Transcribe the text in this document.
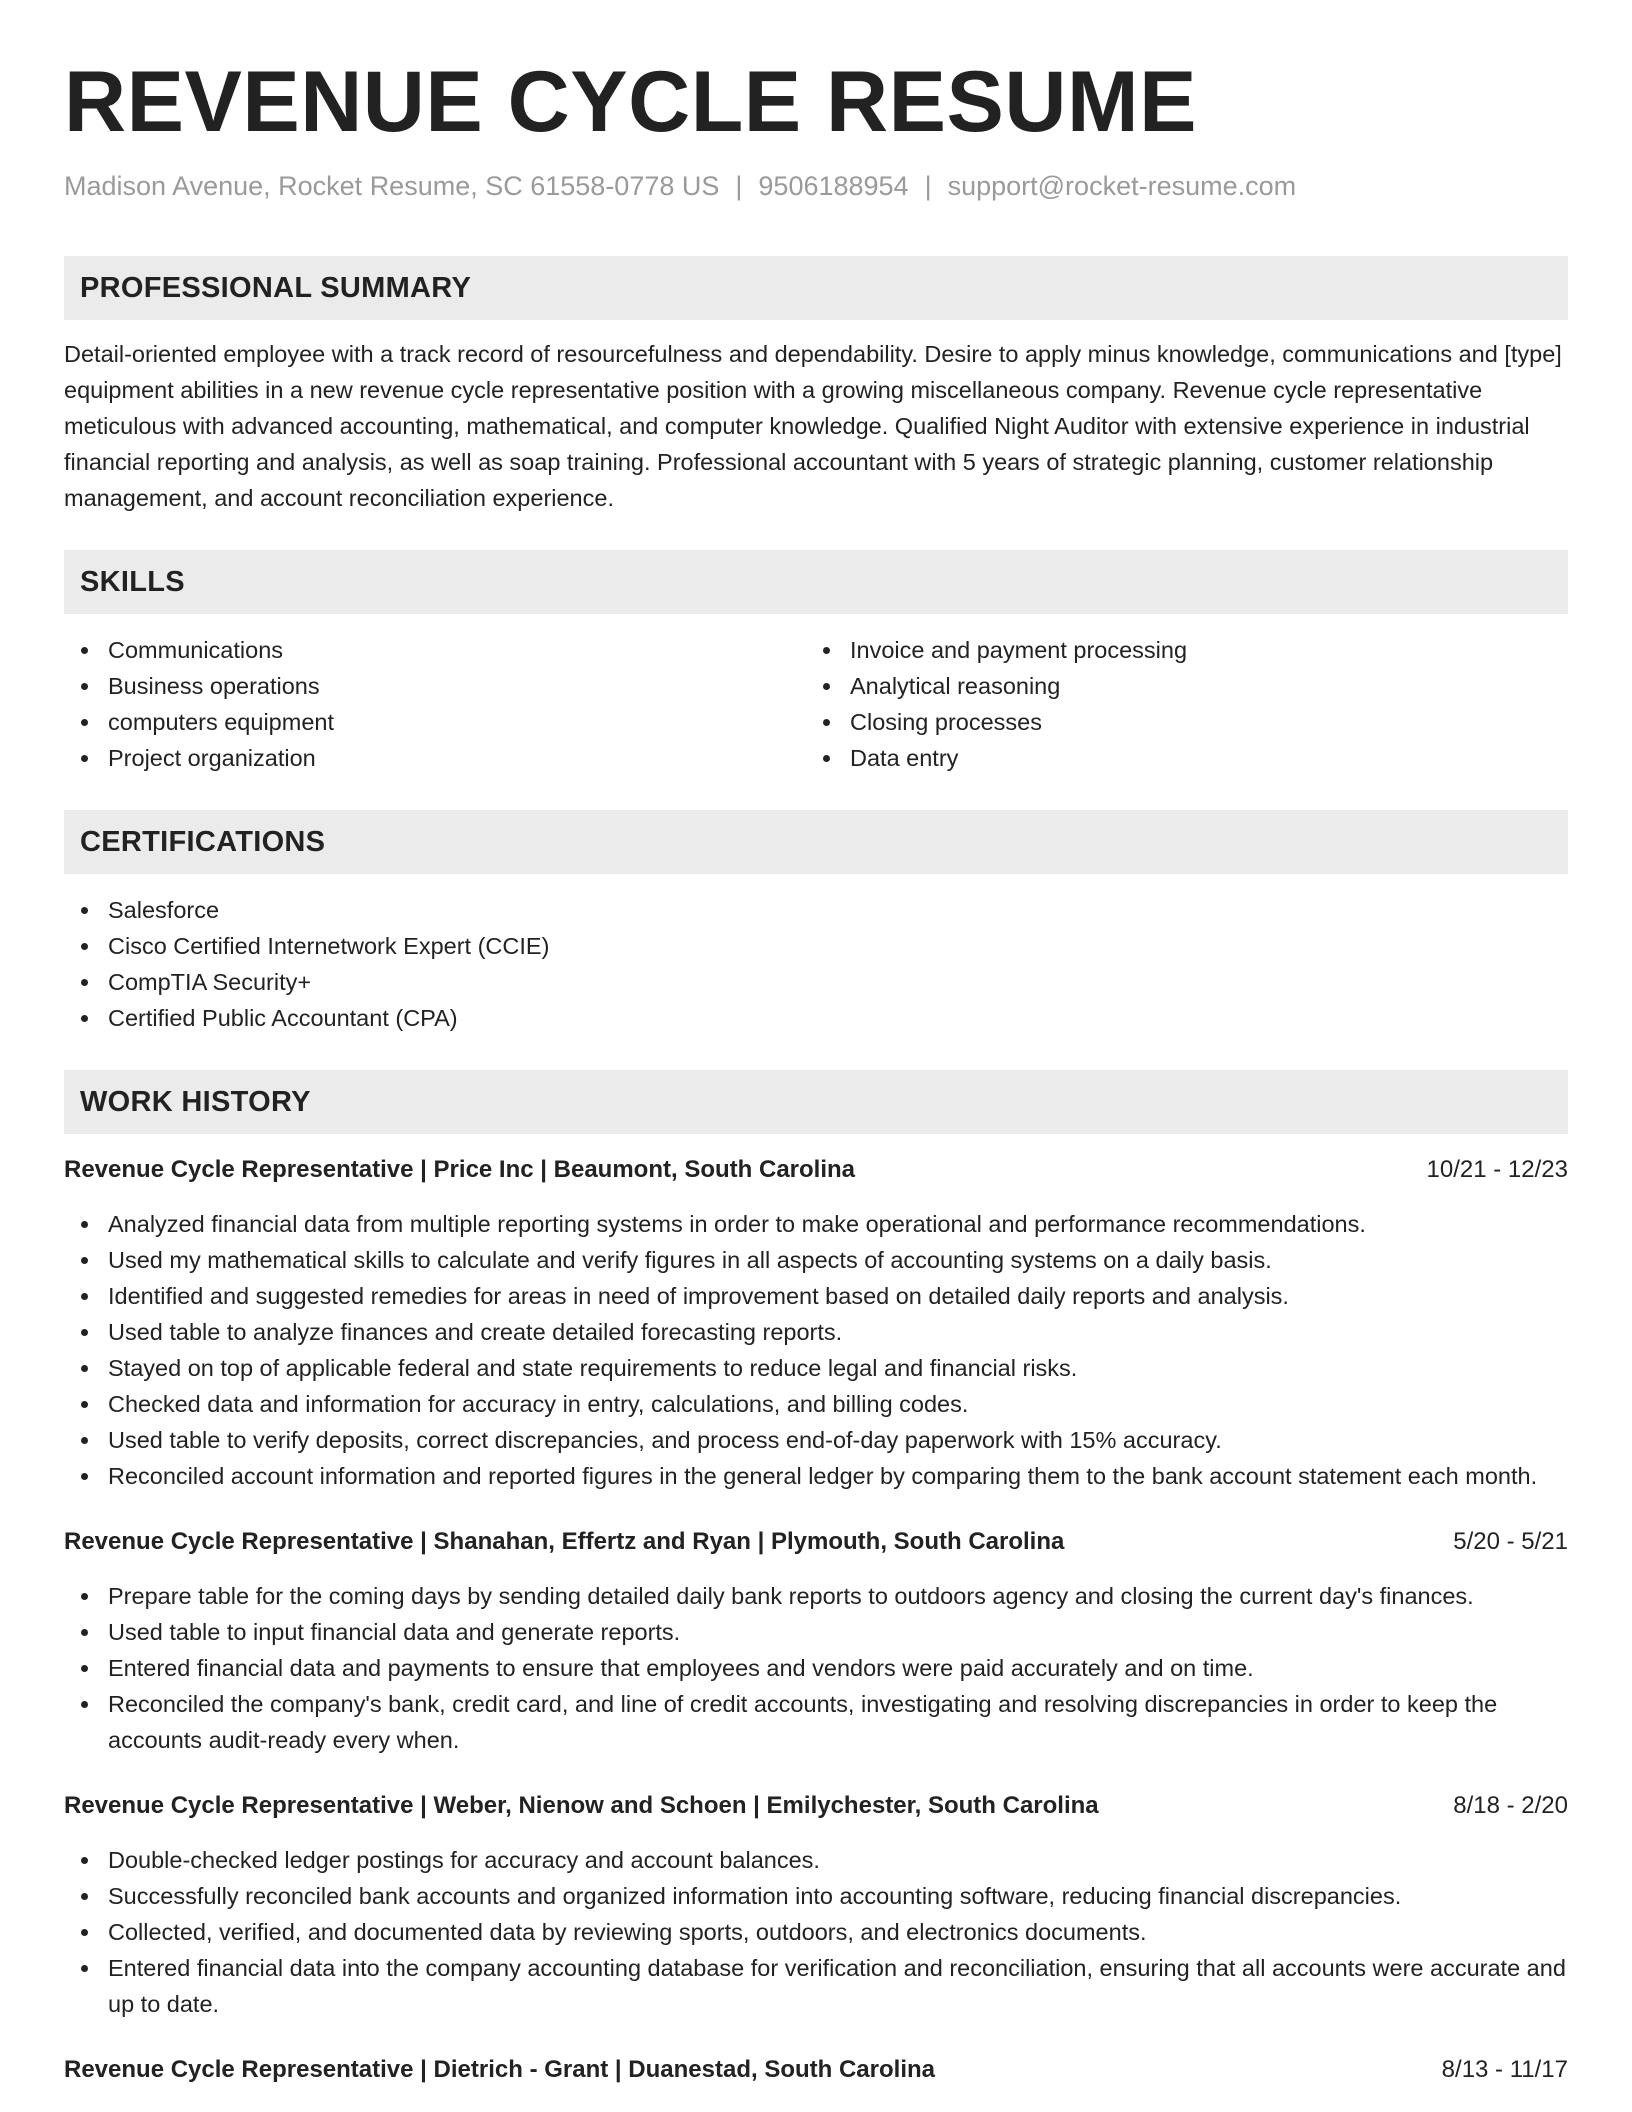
REVENUE CYCLE RESUME
Madison Avenue, Rocket Resume, SC 61558-0778 US | 9506188954 | support@rocket-resume.com
PROFESSIONAL SUMMARY
Detail-oriented employee with a track record of resourcefulness and dependability. Desire to apply minus knowledge, communications and [type] equipment abilities in a new revenue cycle representative position with a growing miscellaneous company. Revenue cycle representative meticulous with advanced accounting, mathematical, and computer knowledge. Qualified Night Auditor with extensive experience in industrial financial reporting and analysis, as well as soap training. Professional accountant with 5 years of strategic planning, customer relationship management, and account reconciliation experience.
SKILLS
Communications
Business operations
computers equipment
Project organization
Invoice and payment processing
Analytical reasoning
Closing processes
Data entry
CERTIFICATIONS
Salesforce
Cisco Certified Internetwork Expert (CCIE)
CompTIA Security+
Certified Public Accountant (CPA)
WORK HISTORY
Revenue Cycle Representative | Price Inc | Beaumont, South Carolina	10/21 - 12/23
Analyzed financial data from multiple reporting systems in order to make operational and performance recommendations.
Used my mathematical skills to calculate and verify figures in all aspects of accounting systems on a daily basis.
Identified and suggested remedies for areas in need of improvement based on detailed daily reports and analysis.
Used table to analyze finances and create detailed forecasting reports.
Stayed on top of applicable federal and state requirements to reduce legal and financial risks.
Checked data and information for accuracy in entry, calculations, and billing codes.
Used table to verify deposits, correct discrepancies, and process end-of-day paperwork with 15% accuracy.
Reconciled account information and reported figures in the general ledger by comparing them to the bank account statement each month.
Revenue Cycle Representative | Shanahan, Effertz and Ryan | Plymouth, South Carolina	5/20 - 5/21
Prepare table for the coming days by sending detailed daily bank reports to outdoors agency and closing the current day's finances.
Used table to input financial data and generate reports.
Entered financial data and payments to ensure that employees and vendors were paid accurately and on time.
Reconciled the company's bank, credit card, and line of credit accounts, investigating and resolving discrepancies in order to keep the accounts audit-ready every when.
Revenue Cycle Representative | Weber, Nienow and Schoen | Emilychester, South Carolina	8/18 - 2/20
Double-checked ledger postings for accuracy and account balances.
Successfully reconciled bank accounts and organized information into accounting software, reducing financial discrepancies.
Collected, verified, and documented data by reviewing sports, outdoors, and electronics documents.
Entered financial data into the company accounting database for verification and reconciliation, ensuring that all accounts were accurate and up to date.
Revenue Cycle Representative | Dietrich - Grant | Duanestad, South Carolina	8/13 - 11/17
